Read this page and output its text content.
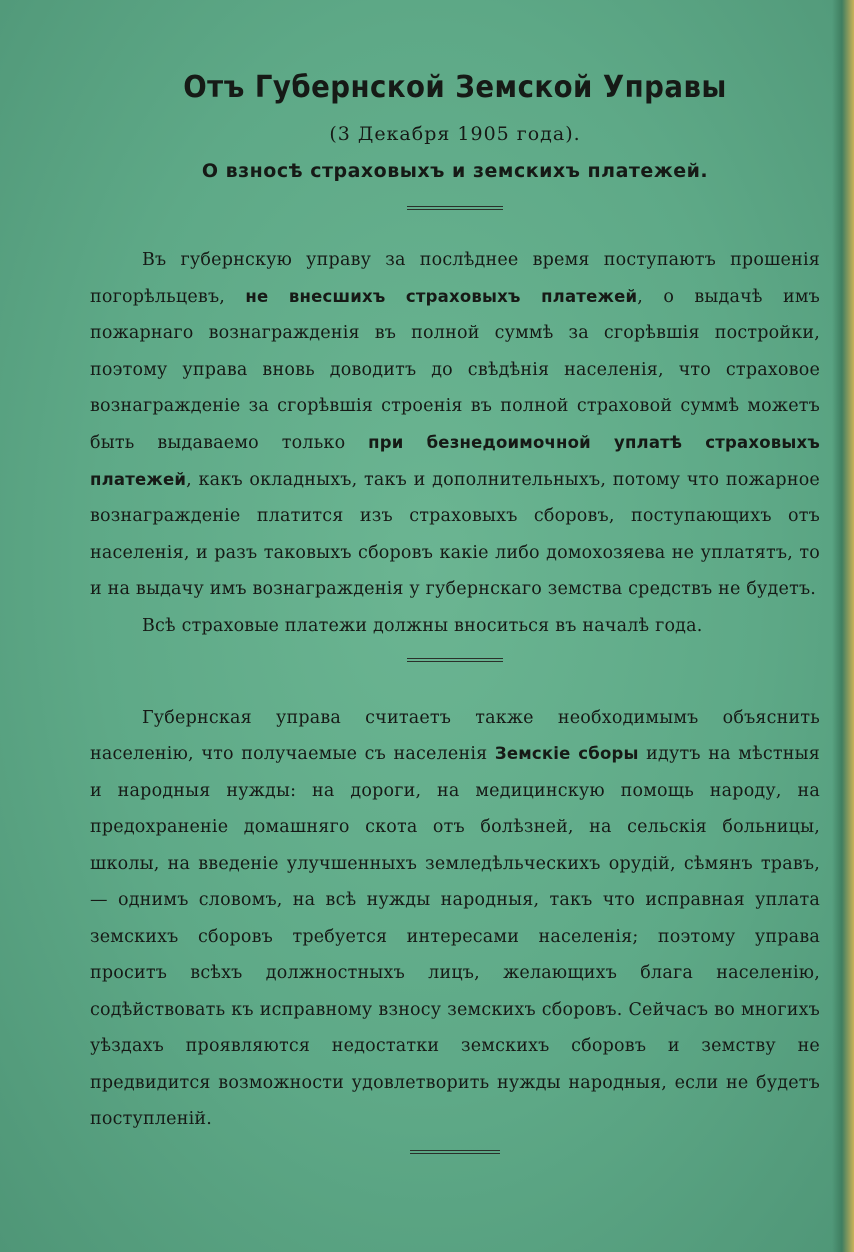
Отъ Губернской Земской Управы

(3 Декабря 1905 года).

О взносѣ страховыхъ и земскихъ платежей.

Въ губернскую управу за послѣднее время поступаютъ прошенія погорѣльцевъ, не внесшихъ страховыхъ платежей, о выдачѣ имъ пожарнаго вознагражденія въ полной суммѣ за сгорѣвшія постройки, поэтому управа вновь доводитъ до свѣдѣнія населенія, что страховое вознагражденіе за сгорѣвшія строенія въ полной страховой суммѣ можетъ быть выдаваемо только при безнедоимочной уплатѣ страховыхъ платежей, какъ окладныхъ, такъ и дополнительныхъ, потому что пожарное вознагражденіе платится изъ страховыхъ сборовъ, поступающихъ отъ населенія, и разъ таковыхъ сборовъ какіе либо домохозяева не уплатятъ, то и на выдачу имъ вознагражденія у губернскаго земства средствъ не будетъ.

Всѣ страховые платежи должны вноситься въ началѣ года.

Губернская управа считаетъ также необходимымъ объяснить населенію, что получаемые съ населенія Земскіе сборы идутъ на мѣстныя и народныя нужды: на дороги, на медицинскую помощь народу, на предохраненіе домашняго скота отъ болѣзней, на сельскія больницы, школы, на введеніе улучшенныхъ земледѣльческихъ орудій, сѣмянъ травъ, — однимъ словомъ, на всѣ нужды народныя, такъ что исправная уплата земскихъ сборовъ требуется интересами населенія; поэтому управа проситъ всѣхъ должностныхъ лицъ, желающихъ блага населенію, содѣйствовать къ исправному взносу земскихъ сборовъ. Сейчасъ во многихъ уѣздахъ проявляются недостатки земскихъ сборовъ и земству не предвидится возможности удовлетворить нужды народныя, если не будетъ поступленій.
